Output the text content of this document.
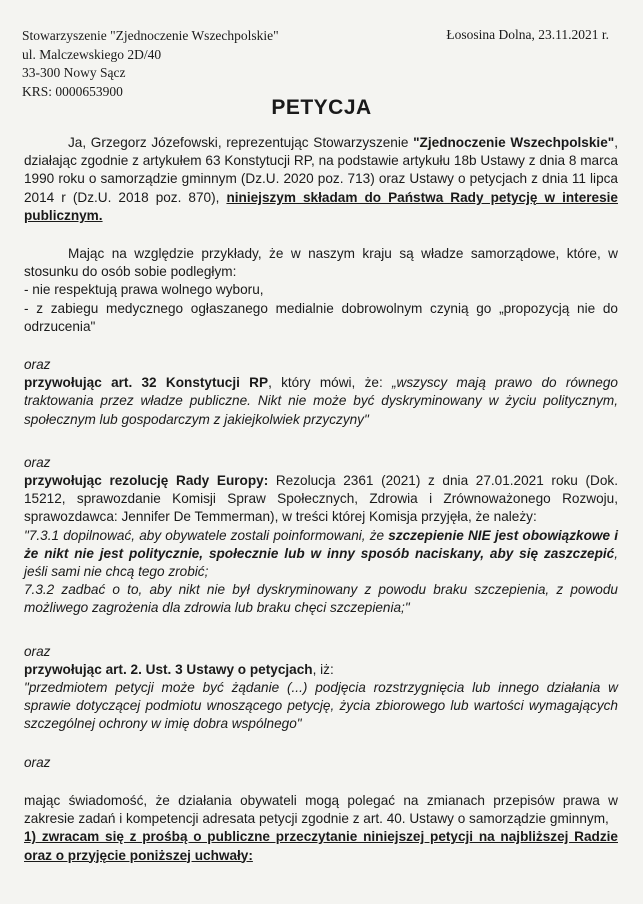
Stowarzyszenie "Zjednoczenie Wszechpolskie"
ul. Malczewskiego 2D/40
33-300 Nowy Sącz
KRS: 0000653900
Łososina Dolna, 23.11.2021 r.
PETYCJA

Ja, Grzegorz Józefowski, reprezentując Stowarzyszenie "Zjednoczenie Wszechpolskie", działając zgodnie z artykułem 63 Konstytucji RP, na podstawie artykułu 18b Ustawy z dnia 8 marca 1990 roku o samorządzie gminnym (Dz.U. 2020 poz. 713) oraz Ustawy o petycjach z dnia 11 lipca 2014 r (Dz.U. 2018 poz. 870), niniejszym składam do Państwa Rady petycję w interesie publicznym.

Mając na względzie przykłady, że w naszym kraju są władze samorządowe, które, w stosunku do osób sobie podległym:

- nie respektują prawa wolnego wyboru,

- z zabiegu medycznego ogłaszanego medialnie dobrowolnym czynią go „propozycją nie do odrzucenia"

oraz

przywołując art. 32 Konstytucji RP, który mówi, że: „wszyscy mają prawo do równego traktowania przez władze publiczne. Nikt nie może być dyskryminowany w życiu politycznym, społecznym lub gospodarczym z jakiejkolwiek przyczyny"

oraz

przywołując rezolucję Rady Europy: Rezolucja 2361 (2021) z dnia 27.01.2021 roku (Dok. 15212, sprawozdanie Komisji Spraw Społecznych, Zdrowia i Zrównoważonego Rozwoju, sprawozdawca: Jennifer De Temmerman), w treści której Komisja przyjęła, że należy:

"7.3.1 dopilnować, aby obywatele zostali poinformowani, że szczepienie NIE jest obowiązkowe i że nikt nie jest politycznie, społecznie lub w inny sposób naciskany, aby się zaszczepić, jeśli sami nie chcą tego zrobić;

7.3.2 zadbać o to, aby nikt nie był dyskryminowany z powodu braku szczepienia, z powodu możliwego zagrożenia dla zdrowia lub braku chęci szczepienia;"

oraz

przywołując art. 2. Ust. 3 Ustawy o petycjach, iż:

"przedmiotem petycji może być żądanie (...) podjęcia rozstrzygnięcia lub innego działania w sprawie dotyczącej podmiotu wnoszącego petycję, życia zbiorowego lub wartości wymagających szczególnej ochrony w imię dobra wspólnego"

oraz

mając świadomość, że działania obywateli mogą polegać na zmianach przepisów prawa w zakresie zadań i kompetencji adresata petycji zgodnie z art. 40. Ustawy o samorządzie gminnym,

1) zwracam się z prośbą o publiczne przeczytanie niniejszej petycji na najbliższej Radzie oraz o przyjęcie poniższej uchwały:
